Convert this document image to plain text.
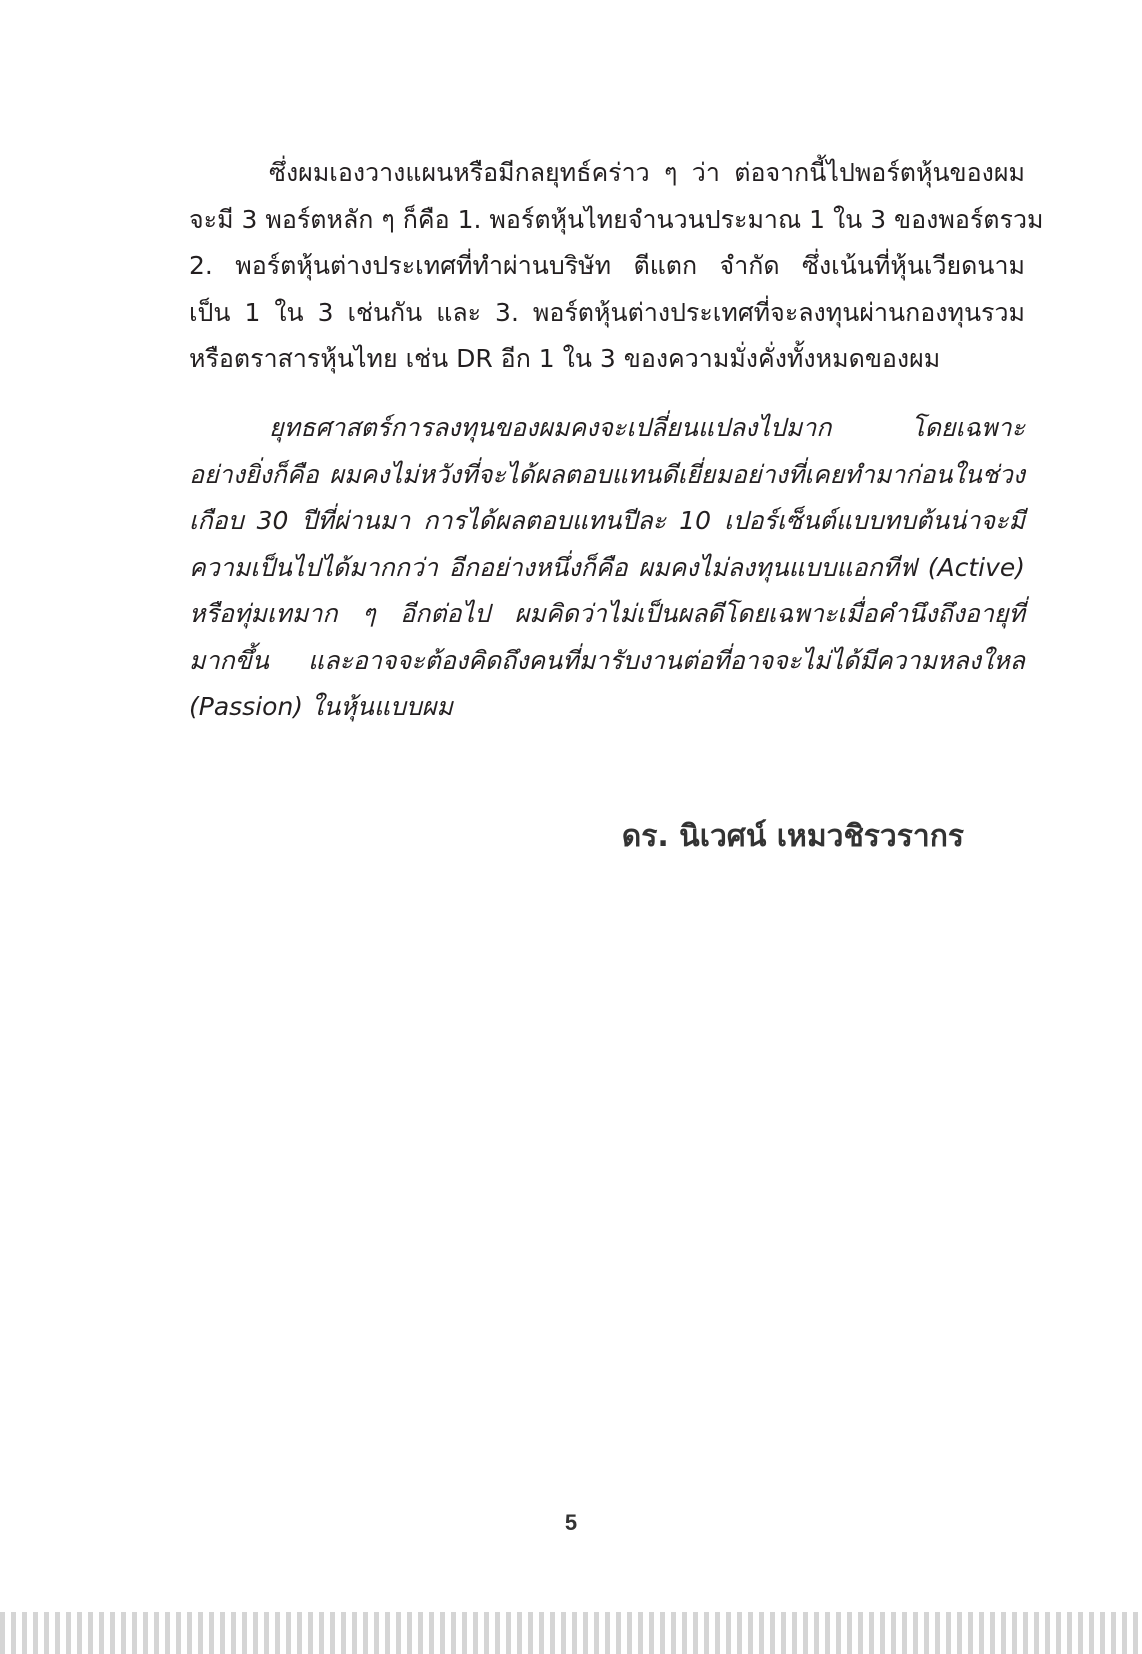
ซึ่งผมเองวางแผนหรือมีกลยุทธ์คร่าว ๆ ว่า ต่อจากนี้ไปพอร์ตหุ้นของผม
จะมี 3 พอร์ตหลัก ๆ ก็คือ 1. พอร์ตหุ้นไทยจำนวนประมาณ 1 ใน 3 ของพอร์ตรวม
2. พอร์ตหุ้นต่างประเทศที่ทำผ่านบริษัท ตีแตก จำกัด ซึ่งเน้นที่หุ้นเวียดนาม
เป็น 1 ใน 3 เช่นกัน และ 3. พอร์ตหุ้นต่างประเทศที่จะลงทุนผ่านกองทุนรวม
หรือตราสารหุ้นไทย เช่น DR อีก 1 ใน 3 ของความมั่งคั่งทั้งหมดของผม
ยุทธศาสตร์การลงทุนของผมคงจะเปลี่ยนแปลงไปมาก โดยเฉพาะ
อย่างยิ่งก็คือ ผมคงไม่หวังที่จะได้ผลตอบแทนดีเยี่ยมอย่างที่เคยทำมาก่อนในช่วง
เกือบ 30 ปีที่ผ่านมา การได้ผลตอบแทนปีละ 10 เปอร์เซ็นต์แบบทบต้นน่าจะมี
ความเป็นไปได้มากกว่า อีกอย่างหนึ่งก็คือ ผมคงไม่ลงทุนแบบแอกทีฟ (Active)
หรือทุ่มเทมาก ๆ อีกต่อไป ผมคิดว่าไม่เป็นผลดีโดยเฉพาะเมื่อคำนึงถึงอายุที่
มากขึ้น และอาจจะต้องคิดถึงคนที่มารับงานต่อที่อาจจะไม่ได้มีความหลงใหล
(Passion) ในหุ้นแบบผม
ดร. นิเวศน์ เหมวชิรวรากร
5
